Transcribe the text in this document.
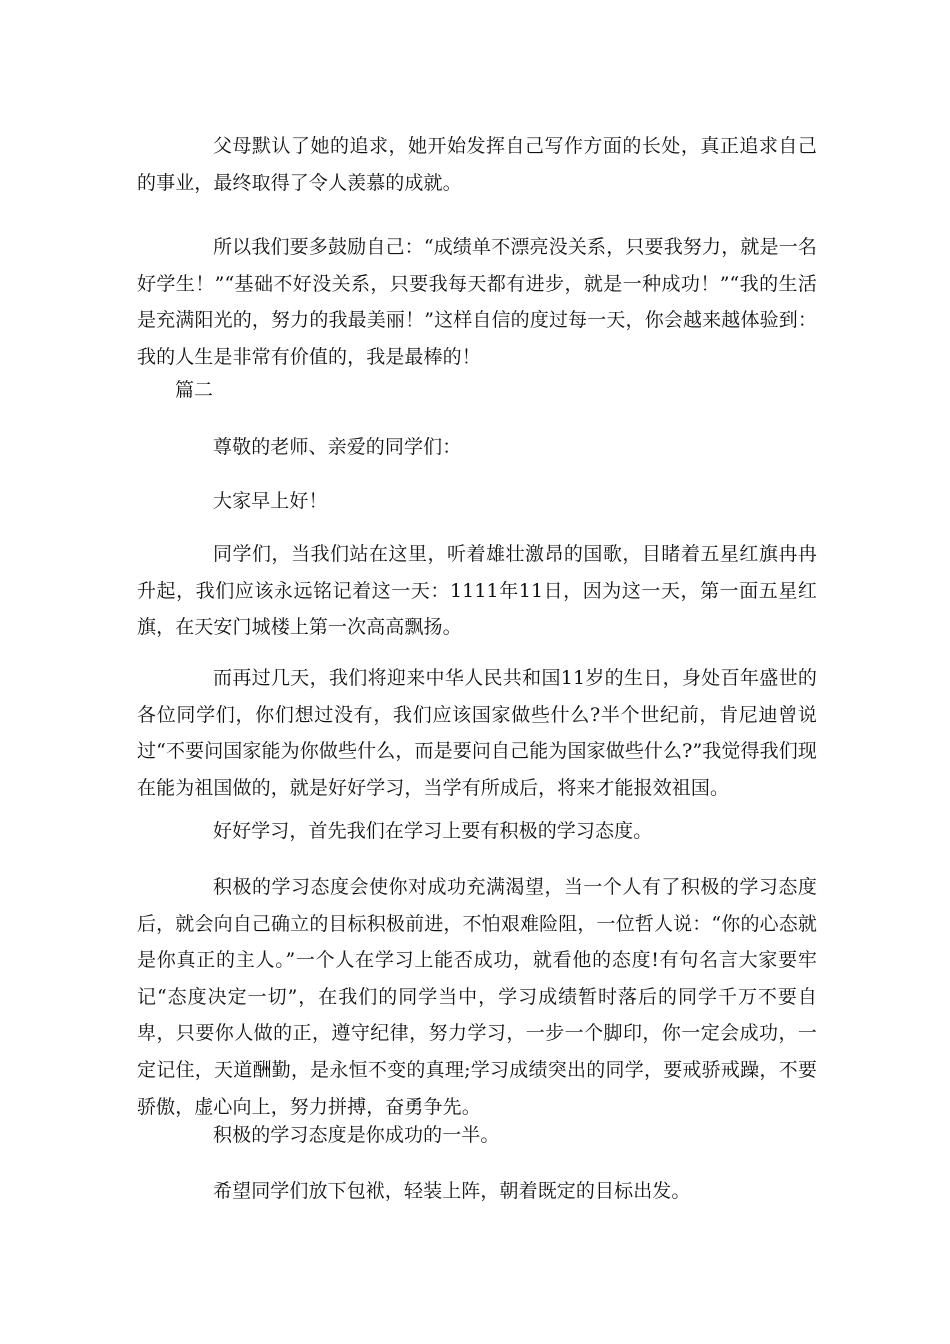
父母默认了她的追求，她开始发挥自己写作方面的长处，真正追求自己的事业，最终取得了令人羡慕的成就。

所以我们要多鼓励自己：“成绩单不漂亮没关系，只要我努力，就是一名好学生！”“基础不好没关系，只要我每天都有进步，就是一种成功！”“我的生活是充满阳光的，努力的我最美丽！”这样自信的度过每一天，你会越来越体验到：我的人生是非常有价值的，我是最棒的！

篇二

尊敬的老师、亲爱的同学们：

大家早上好！

同学们，当我们站在这里，听着雄壮激昂的国歌，目睹着五星红旗冉冉升起，我们应该永远铭记着这一天：1111年11日，因为这一天，第一面五星红旗，在天安门城楼上第一次高高飘扬。

而再过几天，我们将迎来中华人民共和国11岁的生日，身处百年盛世的各位同学们，你们想过没有，我们应该国家做些什么?半个世纪前，肯尼迪曾说过“不要问国家能为你做些什么，而是要问自己能为国家做些什么?”我觉得我们现在能为祖国做的，就是好好学习，当学有所成后，将来才能报效祖国。

好好学习，首先我们在学习上要有积极的学习态度。

积极的学习态度会使你对成功充满渴望，当一个人有了积极的学习态度后，就会向自己确立的目标积极前进，不怕艰难险阻，一位哲人说：“你的心态就是你真正的主人。”一个人在学习上能否成功，就看他的态度!有句名言大家要牢记“态度决定一切”，在我们的同学当中，学习成绩暂时落后的同学千万不要自卑，只要你人做的正，遵守纪律，努力学习，一步一个脚印，你一定会成功，一定记住，天道酬勤，是永恒不变的真理;学习成绩突出的同学，要戒骄戒躁，不要骄傲，虚心向上，努力拼搏，奋勇争先。

积极的学习态度是你成功的一半。

希望同学们放下包袱，轻装上阵，朝着既定的目标出发。
